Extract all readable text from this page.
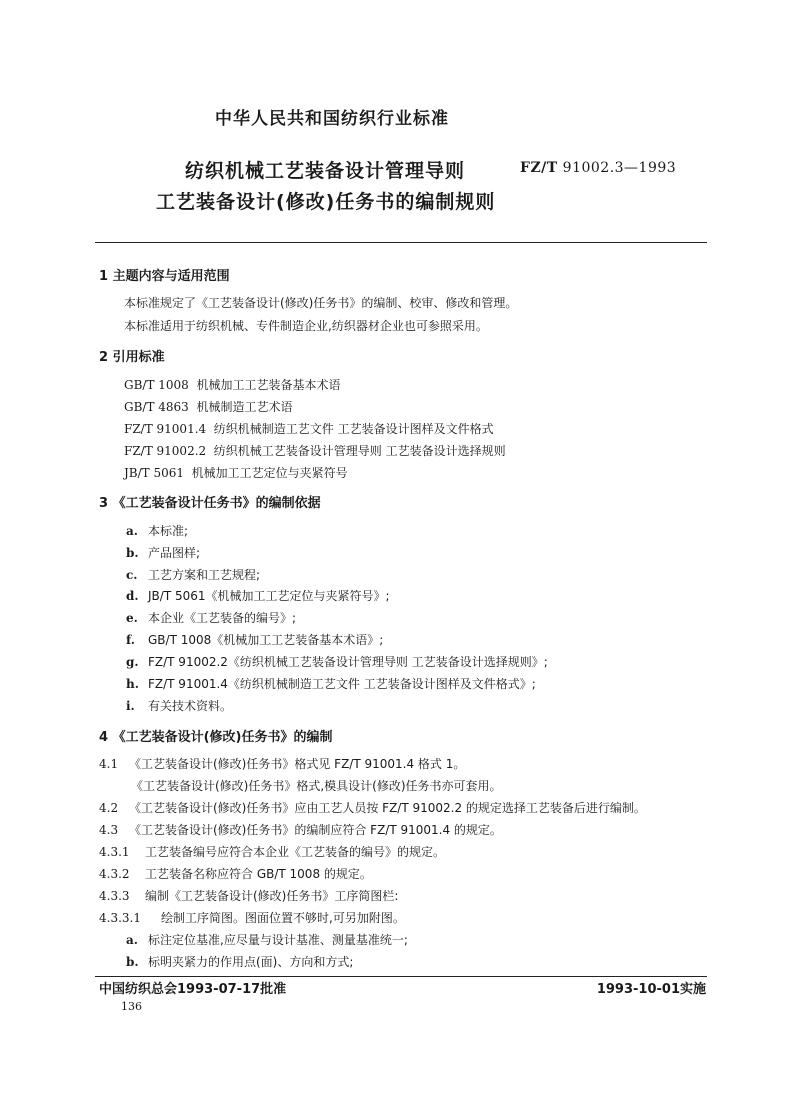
中华人民共和国纺织行业标准
纺织机械工艺装备设计管理导则	FZ/T 91002.3—1993
工艺装备设计(修改)任务书的编制规则
1 主题内容与适用范围
本标准规定了《工艺装备设计(修改)任务书》的编制、校审、修改和管理。
本标准适用于纺织机械、专件制造企业,纺织器材企业也可参照采用。
2 引用标准
GB/T 1008 机械加工工艺装备基本术语
GB/T 4863 机械制造工艺术语
FZ/T 91001.4 纺织机械制造工艺文件 工艺装备设计图样及文件格式
FZ/T 91002.2 纺织机械工艺装备设计管理导则 工艺装备设计选择规则
JB/T 5061 机械加工工艺定位与夹紧符号
3 《工艺装备设计任务书》的编制依据
a. 本标准;
b. 产品图样;
c. 工艺方案和工艺规程;
d. JB/T 5061《机械加工工艺定位与夹紧符号》;
e. 本企业《工艺装备的编号》;
f. GB/T 1008《机械加工工艺装备基本术语》;
g. FZ/T 91002.2《纺织机械工艺装备设计管理导则 工艺装备设计选择规则》;
h. FZ/T 91001.4《纺织机械制造工艺文件 工艺装备设计图样及文件格式》;
i. 有关技术资料。
4 《工艺装备设计(修改)任务书》的编制
4.1 《工艺装备设计(修改)任务书》格式见 FZ/T 91001.4 格式 1。
《工艺装备设计(修改)任务书》格式,模具设计(修改)任务书亦可套用。
4.2 《工艺装备设计(修改)任务书》应由工艺人员按 FZ/T 91002.2 的规定选择工艺装备后进行编制。
4.3 《工艺装备设计(修改)任务书》的编制应符合 FZ/T 91001.4 的规定。
4.3.1 工艺装备编号应符合本企业《工艺装备的编号》的规定。
4.3.2 工艺装备名称应符合 GB/T 1008 的规定。
4.3.3 编制《工艺装备设计(修改)任务书》工序简图栏:
4.3.3.1 绘制工序简图。图面位置不够时,可另加附图。
a. 标注定位基准,应尽量与设计基准、测量基准统一;
b. 标明夹紧力的作用点(面)、方向和方式;
中国纺织总会1993-07-17批准	1993-10-01实施
136
